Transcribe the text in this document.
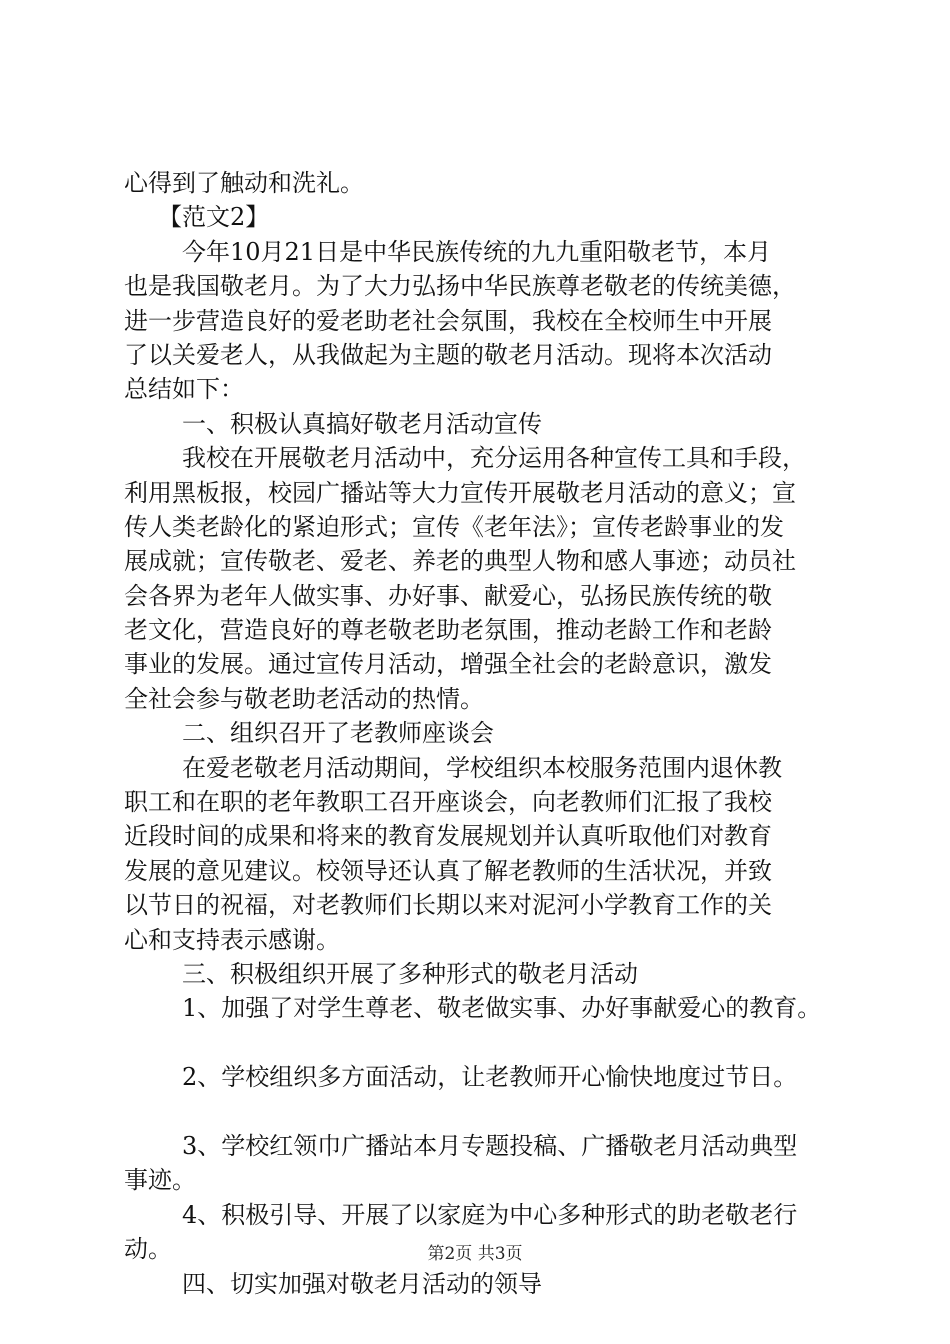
心得到了触动和洗礼。
【范文2】
今年10月21日是中华民族传统的九九重阳敬老节，本月
也是我国敬老月。为了大力弘扬中华民族尊老敬老的传统美德，
进一步营造良好的爱老助老社会氛围，我校在全校师生中开展
了以关爱老人，从我做起为主题的敬老月活动。现将本次活动
总结如下：
一、积极认真搞好敬老月活动宣传
我校在开展敬老月活动中，充分运用各种宣传工具和手段，
利用黑板报，校园广播站等大力宣传开展敬老月活动的意义；宣
传人类老龄化的紧迫形式；宣传《老年法》；宣传老龄事业的发
展成就；宣传敬老、爱老、养老的典型人物和感人事迹；动员社
会各界为老年人做实事、办好事、献爱心，弘扬民族传统的敬
老文化，营造良好的尊老敬老助老氛围，推动老龄工作和老龄
事业的发展。通过宣传月活动，增强全社会的老龄意识，激发
全社会参与敬老助老活动的热情。
二、组织召开了老教师座谈会
在爱老敬老月活动期间，学校组织本校服务范围内退休教
职工和在职的老年教职工召开座谈会，向老教师们汇报了我校
近段时间的成果和将来的教育发展规划并认真听取他们对教育
发展的意见建议。校领导还认真了解老教师的生活状况，并致
以节日的祝福，对老教师们长期以来对泥河小学教育工作的关
心和支持表示感谢。
三、积极组织开展了多种形式的敬老月活动
1、加强了对学生尊老、敬老做实事、办好事献爱心的教育。
2、学校组织多方面活动，让老教师开心愉快地度过节日。
3、学校红领巾广播站本月专题投稿、广播敬老月活动典型
事迹。
4、积极引导、开展了以家庭为中心多种形式的助老敬老行
动。
四、切实加强对敬老月活动的领导
第2页 共3页
